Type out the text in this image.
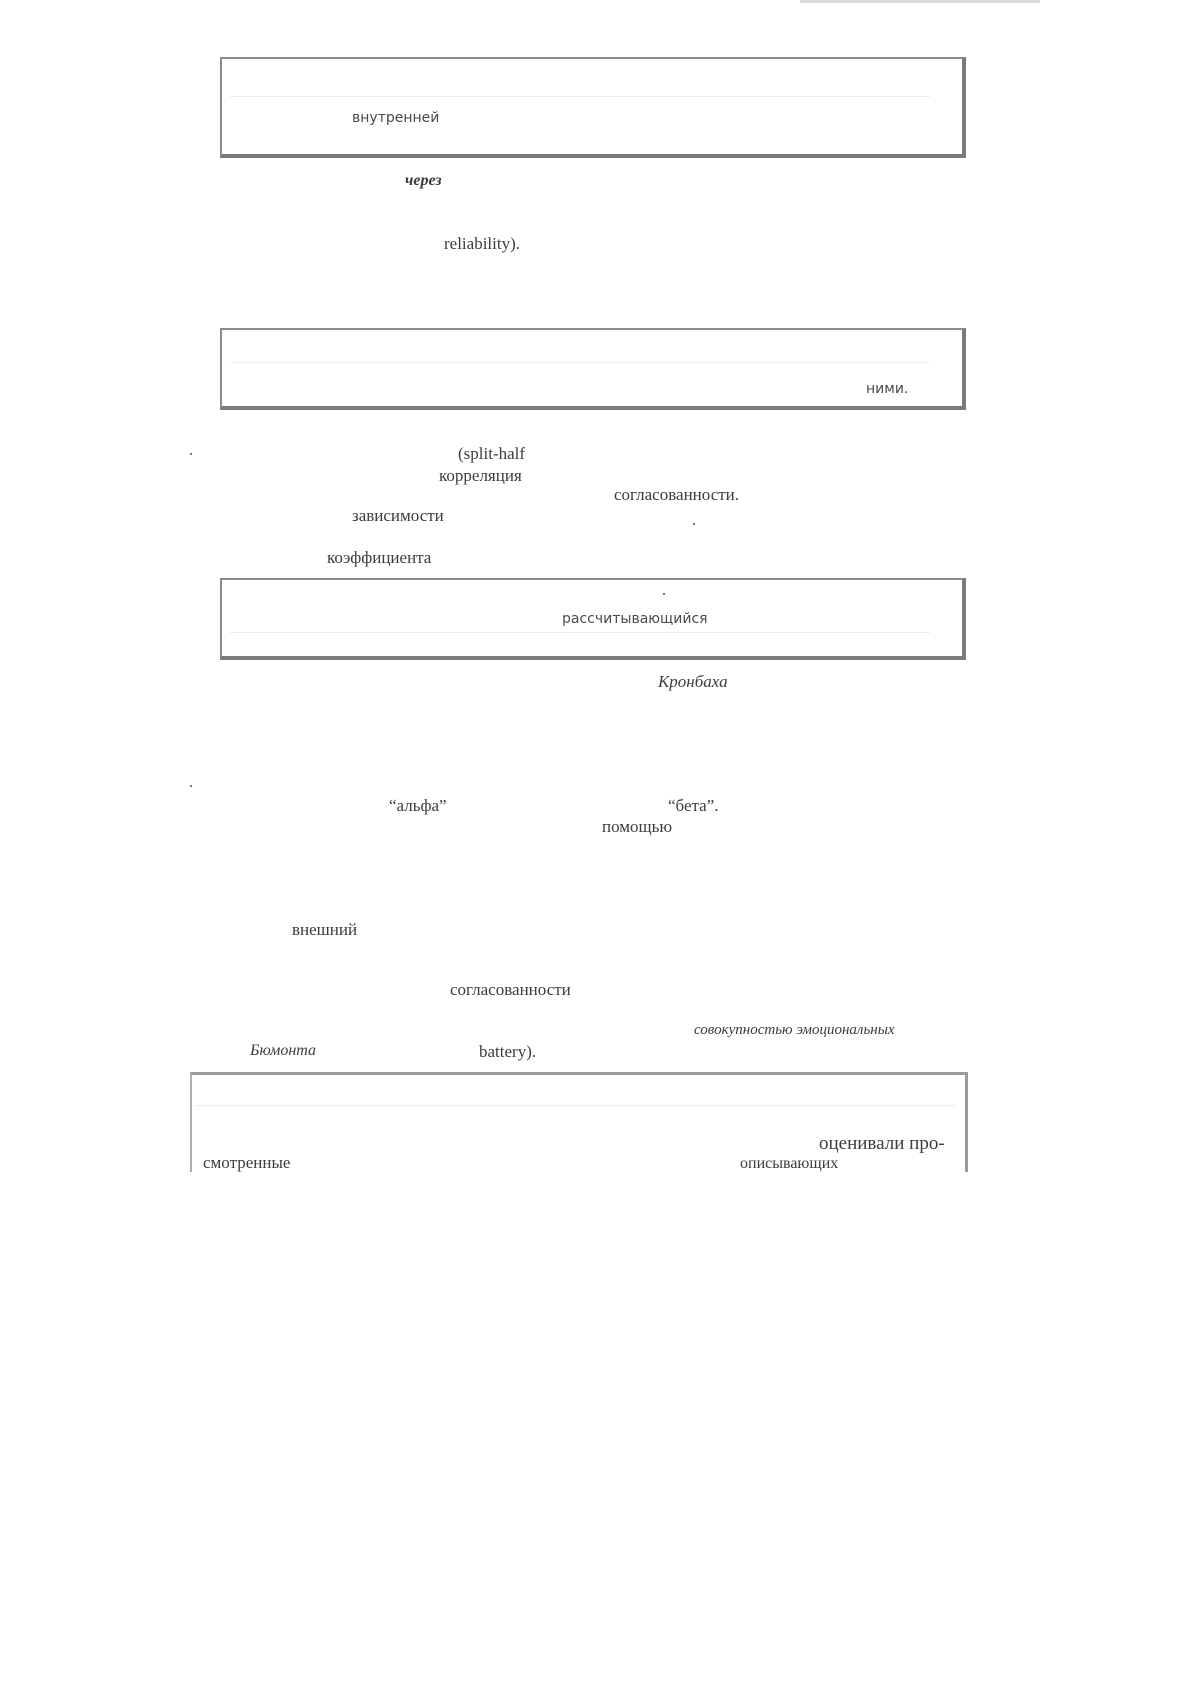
внутренней
через
reliability).
ними.
(split-half
корреляция
согласованности.
зависимости
коэффициента
рассчитывающийся
Кронбаха
“альфа”	“бета”.
помощью
внешний
согласованности
совокупностью эмоциональных
Бюмонта	battery).
оценивали про-
смотренные	описывающих
